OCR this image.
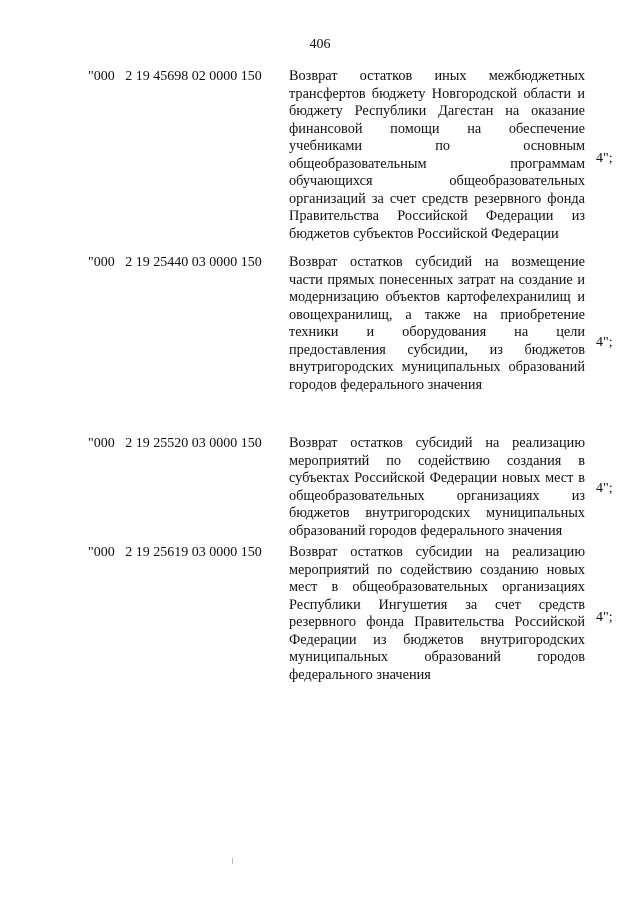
406
"000   2 19 45698 02 0000 150 Возврат остатков иных межбюджетных трансфертов бюджету Новгородской области и бюджету Республики Дагестан на оказание финансовой помощи на обеспечение учебниками по основным общеобразовательным программам обучающихся общеобразовательных организаций за счет средств резервного фонда Правительства Российской Федерации из бюджетов субъектов Российской Федерации
4";
"000   2 19 25440 03 0000 150 Возврат остатков субсидий на возмещение части прямых понесенных затрат на создание и модернизацию объектов картофелехранилищ и овощехранилищ, а также на приобретение техники и оборудования на цели предоставления субсидии, из бюджетов внутригородских муниципальных образований городов федерального значения
4";
"000   2 19 25520 03 0000 150 Возврат остатков субсидий на реализацию мероприятий по содействию создания в субъектах Российской Федерации новых мест в общеобразовательных организациях из бюджетов внутригородских муниципальных образований городов федерального значения
4";
"000   2 19 25619 03 0000 150 Возврат остатков субсидии на реализацию мероприятий по содействию созданию новых мест в общеобразовательных организациях Республики Ингушетия за счет средств резервного фонда Правительства Российской Федерации из бюджетов внутригородских муниципальных образований городов федерального значения
4";
